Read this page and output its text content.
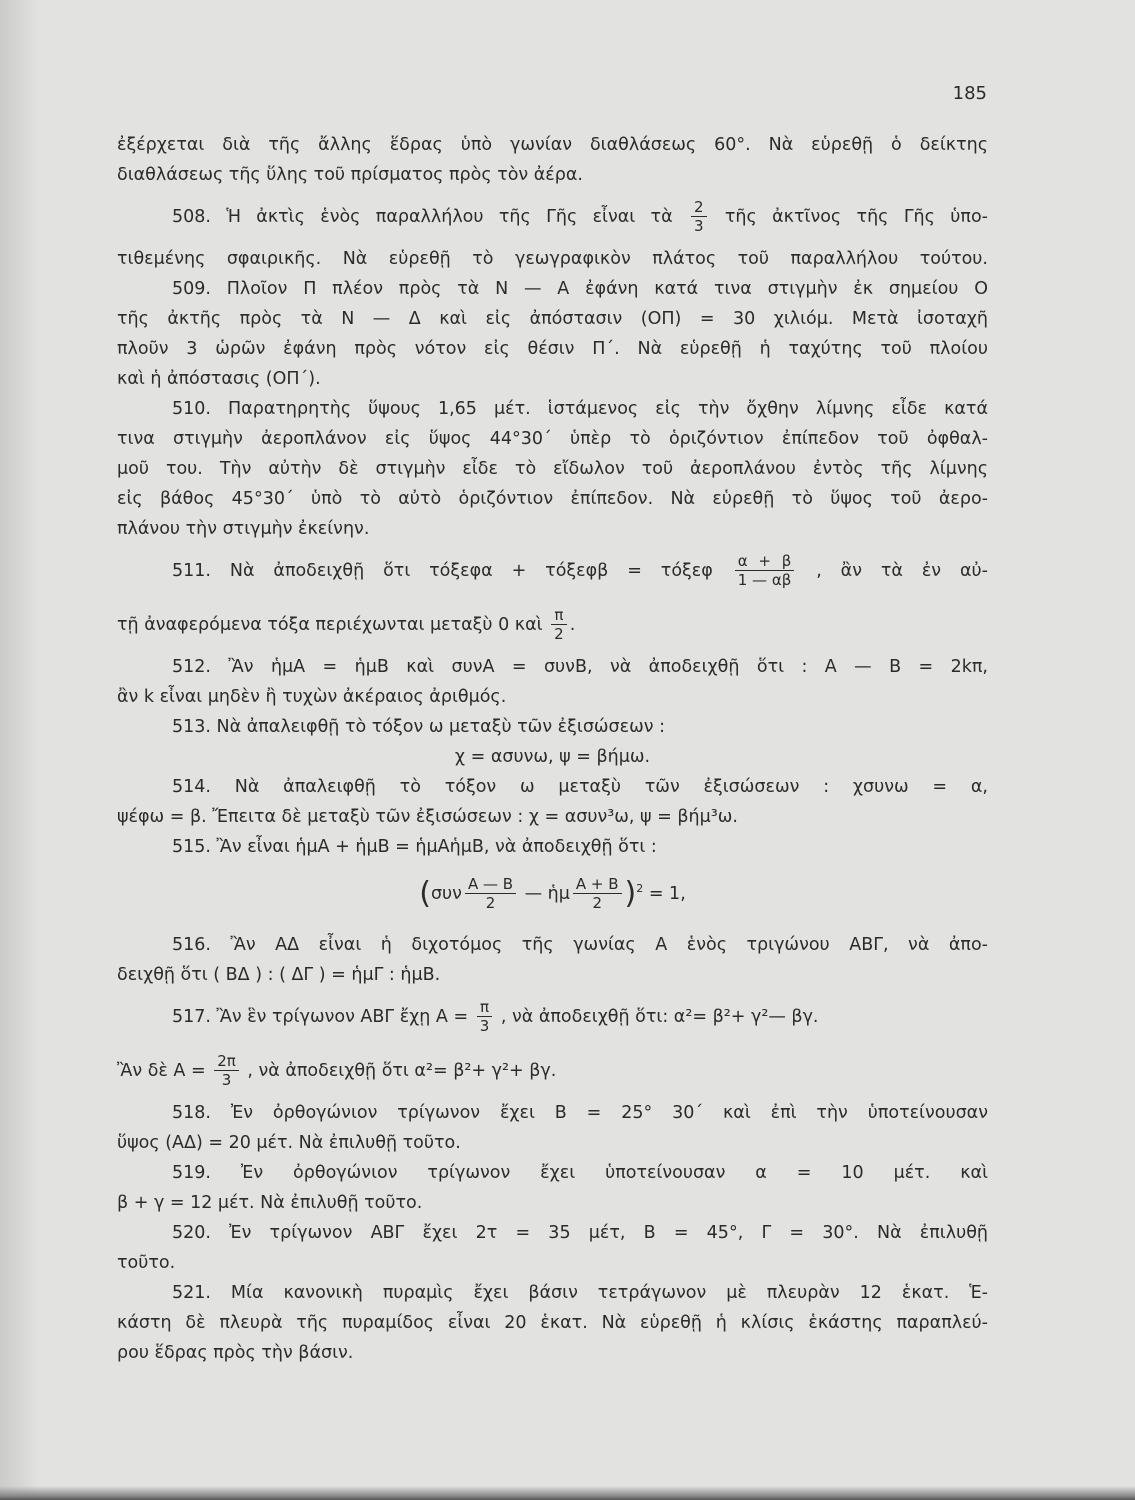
185
ἐξέρχεται διὰ τῆς ἄλλης ἕδρας ὑπὸ γωνίαν διαθλάσεως 60°. Νὰ εὑρεθῇ ὁ δείκτης
διαθλάσεως τῆς ὕλης τοῦ πρίσματος πρὸς τὸν ἀέρα.
508. Ἡ ἀκτὶς ἑνὸς παραλλήλου τῆς Γῆς εἶναι τὰ $\frac{2}{3}$ τῆς ἀκτῖνος τῆς Γῆς ὑπο-
τιθεμένης σφαιρικῆς. Νὰ εὑρεθῇ τὸ γεωγραφικὸν πλάτος τοῦ παραλλήλου τούτου.
509. Πλοῖον Π πλέον πρὸς τὰ Ν — Α ἐφάνη κατά τινα στιγμὴν ἐκ σημείου Ο
τῆς ἀκτῆς πρὸς τὰ Ν — Δ καὶ εἰς ἀπόστασιν (ΟΠ) = 30 χιλιόμ. Μετὰ ἰσοταχῆ
πλοῦν 3 ὡρῶν ἐφάνη πρὸς νότον εἰς θέσιν Π΄. Νὰ εὑρεθῇ ἡ ταχύτης τοῦ πλοίου
καὶ ἡ ἀπόστασις (ΟΠ΄).
510. Παρατηρητὴς ὕψους 1,65 μέτ. ἱστάμενος εἰς τὴν ὄχθην λίμνης εἶδε κατά
τινα στιγμὴν ἀεροπλάνον εἰς ὕψος 44°30΄ ὑπὲρ τὸ ὁριζόντιον ἐπίπεδον τοῦ ὀφθαλ-
μοῦ του. Τὴν αὐτὴν δὲ στιγμὴν εἶδε τὸ εἴδωλον τοῦ ἀεροπλάνου ἐντὸς τῆς λίμνης
εἰς βάθος 45°30΄ ὑπὸ τὸ αὐτὸ ὁριζόντιον ἐπίπεδον. Νὰ εὑρεθῇ τὸ ὕψος τοῦ ἀερο-
πλάνου τὴν στιγμὴν ἐκείνην.
511. Νὰ ἀποδειχθῇ ὅτι τόξεφα + τόξεφβ = τόξεφ $\frac{\alpha + \beta}{1 — \alpha\beta}$ , ἂν τὰ ἐν αὐ-
τῇ ἀναφερόμενα τόξα περιέχωνται μεταξὺ 0 καὶ $\frac{\pi}{2}$ .
512. Ἂν ἡμΑ = ἡμΒ καὶ συνΑ = συνΒ, νὰ ἀποδειχθῇ ὅτι : Α — Β = 2kπ,
ἂν k εἶναι μηδὲν ἢ τυχὼν ἀκέραιος ἀριθμός.
513. Νὰ ἀπαλειφθῇ τὸ τόξον ω μεταξὺ τῶν ἐξισώσεων :
χ = ασυνω, ψ = βήμω.
514. Νὰ ἀπαλειφθῇ τὸ τόξον ω μεταξὺ τῶν ἐξισώσεων : χσυνω = α,
ψέφω = β. Ἔπειτα δὲ μεταξὺ τῶν ἐξισώσεων : χ = ασυν³ω, ψ = βήμ³ω.
515. Ἂν εἶναι ἡμΑ + ἡμΒ = ἡμΑἡμΒ, νὰ ἀποδειχθῇ ὅτι :
($\sigma\upsilon\nu \frac{A — B}{2}$ — ἡμ $\frac{A + B}{2} )^2 = 1$,
516. Ἂν ΑΔ εἶναι ἡ διχοτόμος τῆς γωνίας Α ἑνὸς τριγώνου ΑΒΓ, νὰ ἀπο-
δειχθῇ ὅτι ( ΒΔ ) : ( ΔΓ ) = ἡμΓ : ἡμΒ.
517. Ἂν ἓν τρίγωνον ΑΒΓ ἔχῃ $A = \frac{\pi}{3}$ , νὰ ἀποδειχθῇ ὅτι: α²= β²+ γ²— βγ.
Ἂν δὲ $A = \frac{2\pi}{3}$ , νὰ ἀποδειχθῇ ὅτι α²= β²+ γ²+ βγ.
518. Ἐν ὀρθογώνιον τρίγωνον ἔχει Β = 25° 30΄ καὶ ἐπὶ τὴν ὑποτείνουσαν
ὕψος (ΑΔ) = 20 μέτ. Νὰ ἐπιλυθῇ τοῦτο.
519. Ἐν ὀρθογώνιον τρίγωνον ἔχει ὑποτείνουσαν α = 10 μέτ. καὶ
β + γ = 12 μέτ. Νὰ ἐπιλυθῇ τοῦτο.
520. Ἐν τρίγωνον ΑΒΓ ἔχει 2τ = 35 μέτ, Β = 45°, Γ = 30°. Νὰ ἐπιλυθῇ
τοῦτο.
521. Μία κανονικὴ πυραμὶς ἔχει βάσιν τετράγωνον μὲ πλευρὰν 12 ἑκατ. Ἑ-
κάστη δὲ πλευρὰ τῆς πυραμίδος εἶναι 20 ἑκατ. Νὰ εὑρεθῇ ἡ κλίσις ἑκάστης παραπλεύ-
ρου ἕδρας πρὸς τὴν βάσιν.
